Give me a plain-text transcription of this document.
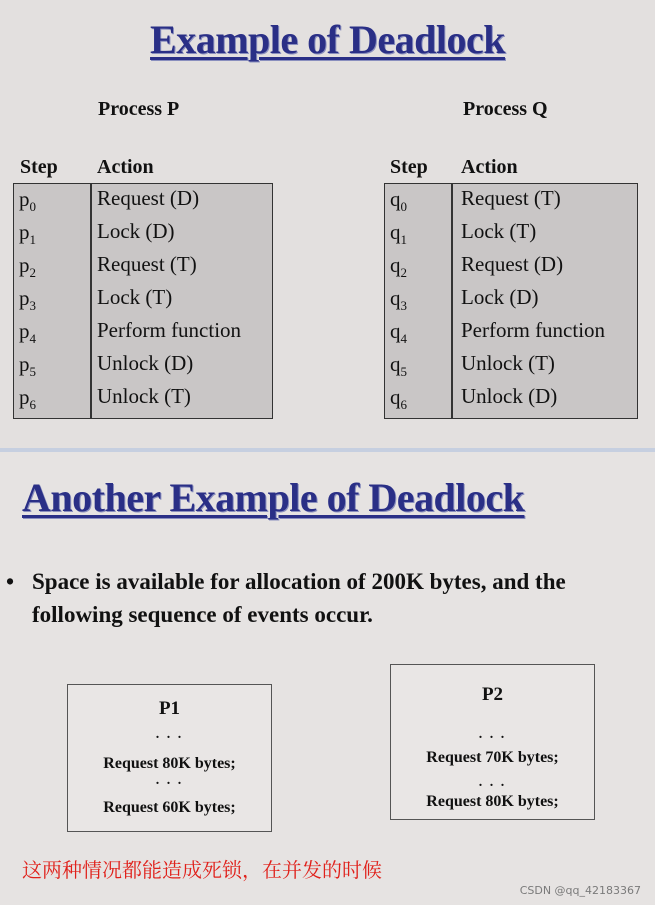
Example of Deadlock
Process P	Process Q
Step Action	Step Action
$p_0$	Request (D)
$p_1$	Lock (D)
$p_2$	Request (T)
$p_3$	Lock (T)
$p_4$	Perform function
$p_5$	Unlock (D)
$p_6$	Unlock (T)
$q_0$	Request (T)
$q_1$	Lock (T)
$q_2$	Request (D)
$q_3$	Lock (D)
$q_4$	Perform function
$q_5$	Unlock (T)
$q_6$	Unlock (D)
Another Example of Deadlock
• Space is available for allocation of 200K bytes, and the following sequence of events occur.
P1
. . .
Request 80K bytes;
. . .
Request 60K bytes;
P2
. . .
Request 70K bytes;
. . .
Request 80K bytes;
这两种情况都能造成死锁，在并发的时候
CSDN @qq_42183367
